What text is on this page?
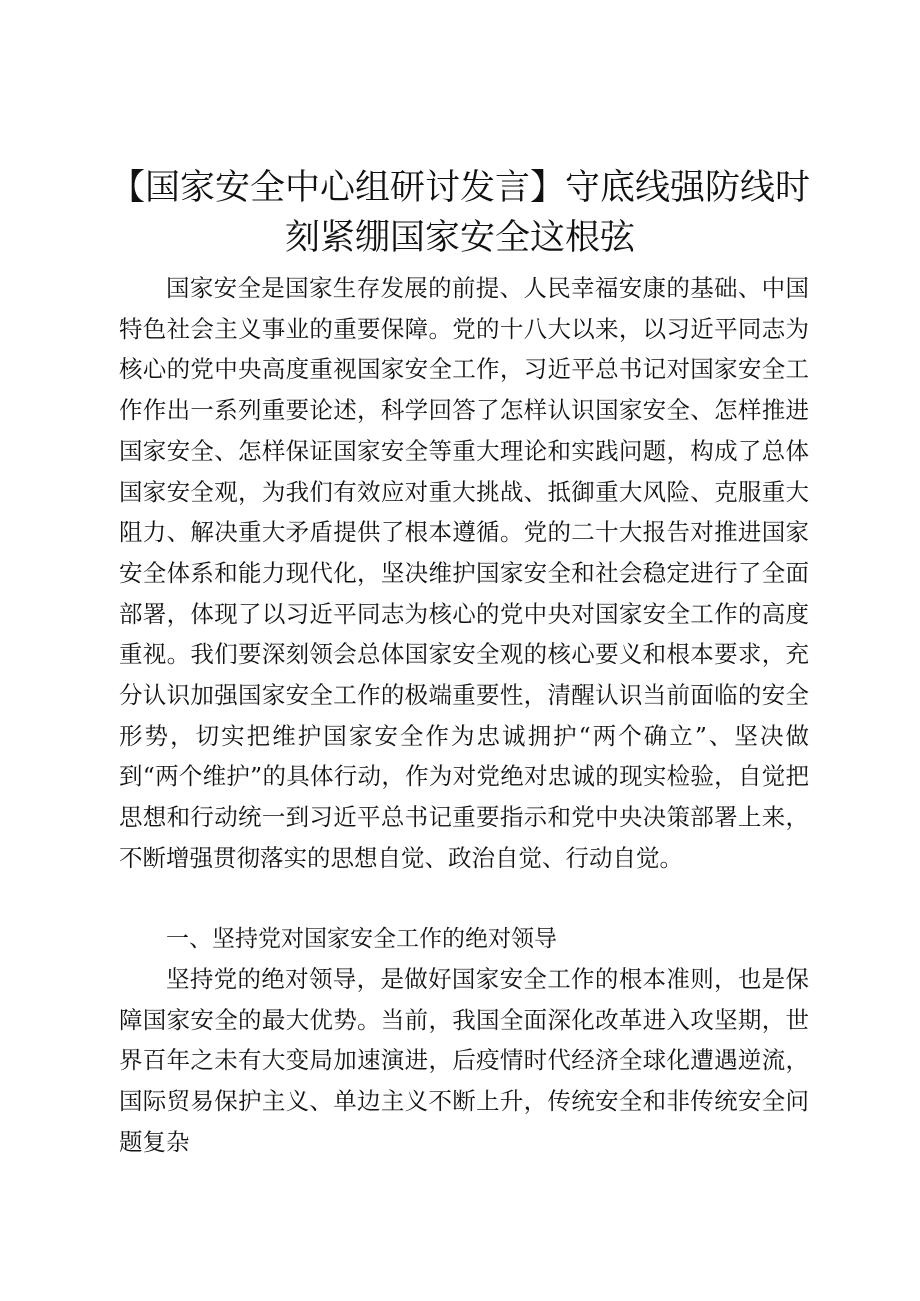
【国家安全中心组研讨发言】守底线强防线时
刻紧绷国家安全这根弦

国家安全是国家生存发展的前提、人民幸福安康的基础、中国特色社会主义事业的重要保障。党的十八大以来，以习近平同志为核心的党中央高度重视国家安全工作，习近平总书记对国家安全工作作出一系列重要论述，科学回答了怎样认识国家安全、怎样推进国家安全、怎样保证国家安全等重大理论和实践问题，构成了总体国家安全观，为我们有效应对重大挑战、抵御重大风险、克服重大阻力、解决重大矛盾提供了根本遵循。党的二十大报告对推进国家安全体系和能力现代化，坚决维护国家安全和社会稳定进行了全面部署，体现了以习近平同志为核心的党中央对国家安全工作的高度重视。我们要深刻领会总体国家安全观的核心要义和根本要求，充分认识加强国家安全工作的极端重要性，清醒认识当前面临的安全形势，切实把维护国家安全作为忠诚拥护“两个确立”、坚决做到“两个维护”的具体行动，作为对党绝对忠诚的现实检验，自觉把思想和行动统一到习近平总书记重要指示和党中央决策部署上来，不断增强贯彻落实的思想自觉、政治自觉、行动自觉。

一、坚持党对国家安全工作的绝对领导

坚持党的绝对领导，是做好国家安全工作的根本准则，也是保障国家安全的最大优势。当前，我国全面深化改革进入攻坚期，世界百年之未有大变局加速演进，后疫情时代经济全球化遭遇逆流，国际贸易保护主义、单边主义不断上升，传统安全和非传统安全问题复杂
